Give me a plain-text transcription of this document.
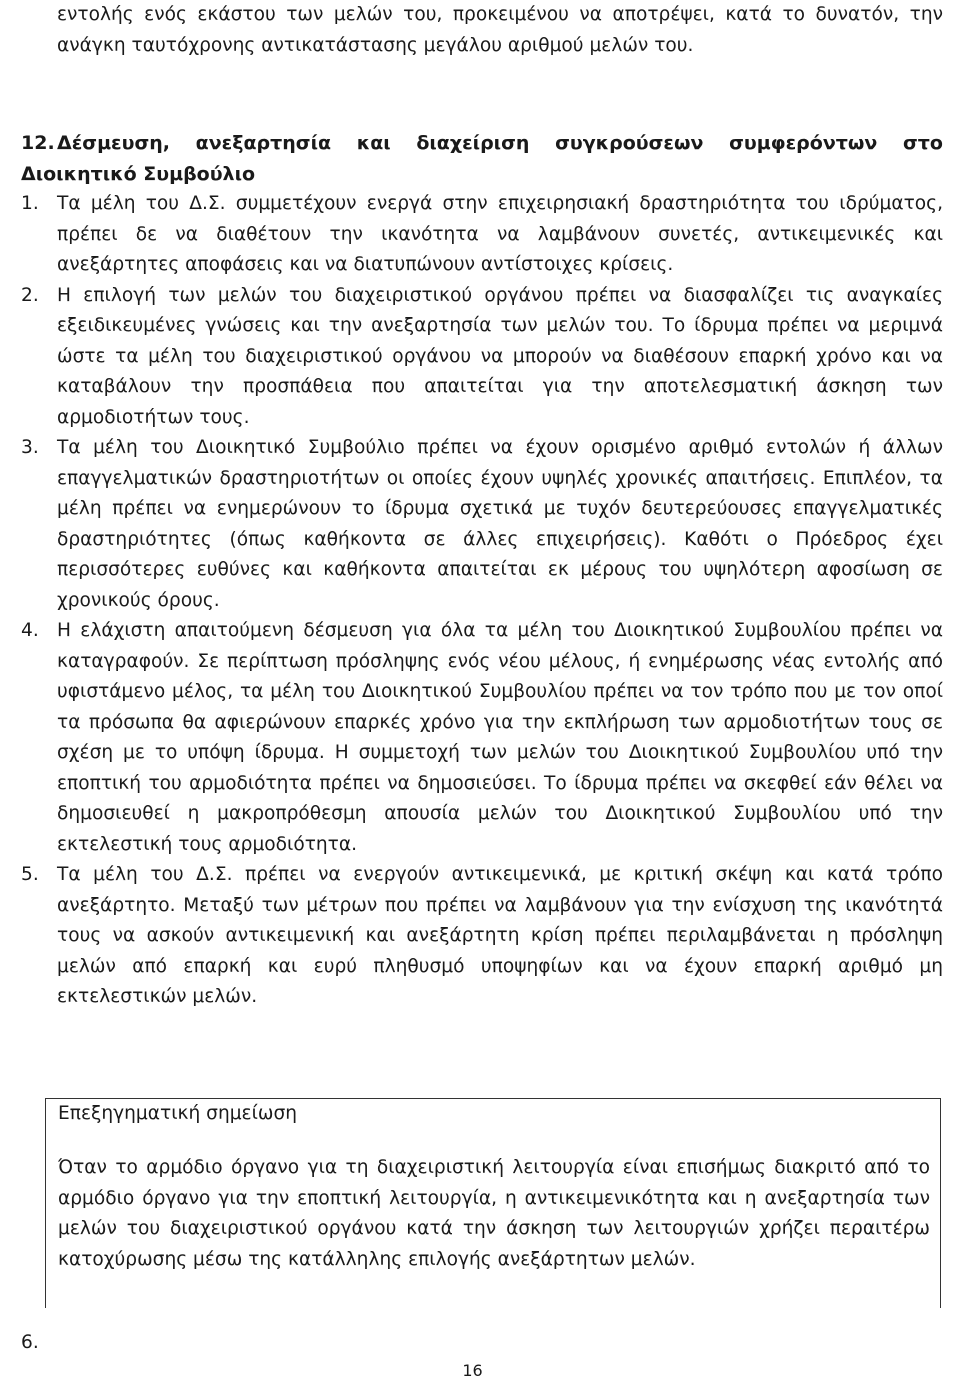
εντολής ενός εκάστου των μελών του, προκειμένου να αποτρέψει, κατά το δυνατόν, την ανάγκη ταυτόχρονης αντικατάστασης μεγάλου αριθμού μελών του.

12. Δέσμευση, ανεξαρτησία και διαχείριση συγκρούσεων συμφερόντων στο Διοικητικό Συμβούλιο
1. Τα μέλη του Δ.Σ. συμμετέχουν ενεργά στην επιχειρησιακή δραστηριότητα του ιδρύματος, πρέπει δε να διαθέτουν την ικανότητα να λαμβάνουν συνετές, αντικειμενικές και ανεξάρτητες αποφάσεις και να διατυπώνουν αντίστοιχες κρίσεις.
2. Η επιλογή των μελών του διαχειριστικού οργάνου πρέπει να διασφαλίζει τις αναγκαίες εξειδικευμένες γνώσεις και την ανεξαρτησία των μελών του. Το ίδρυμα πρέπει να μεριμνά ώστε τα μέλη του διαχειριστικού οργάνου να μπορούν να διαθέσουν επαρκή χρόνο και να καταβάλουν την προσπάθεια που απαιτείται για την αποτελεσματική άσκηση των αρμοδιοτήτων τους.
3. Τα μέλη του Διοικητικό Συμβούλιο πρέπει να έχουν ορισμένο αριθμό εντολών ή άλλων επαγγελματικών δραστηριοτήτων οι οποίες έχουν υψηλές χρονικές απαιτήσεις. Επιπλέον, τα μέλη πρέπει να ενημερώνουν το ίδρυμα σχετικά με τυχόν δευτερεύουσες επαγγελματικές δραστηριότητες (όπως καθήκοντα σε άλλες επιχειρήσεις). Καθότι ο Πρόεδρος έχει περισσότερες ευθύνες και καθήκοντα απαιτείται εκ μέρους του υψηλότερη αφοσίωση σε χρονικούς όρους.
4. Η ελάχιστη απαιτούμενη δέσμευση για όλα τα μέλη του Διοικητικού Συμβουλίου πρέπει να καταγραφούν. Σε περίπτωση πρόσληψης ενός νέου μέλους, ή ενημέρωσης νέας εντολής από υφιστάμενο μέλος, τα μέλη του Διοικητικού Συμβουλίου πρέπει να τον τρόπο που με τον οποί τα πρόσωπα θα αφιερώνουν επαρκές χρόνο για την εκπλήρωση των αρμοδιοτήτων τους σε σχέση με το υπόψη ίδρυμα. Η συμμετοχή των μελών του Διοικητικού Συμβουλίου υπό την εποπτική του αρμοδιότητα πρέπει να δημοσιεύσει. Το ίδρυμα πρέπει να σκεφθεί εάν θέλει να δημοσιευθεί η μακροπρόθεσμη απουσία μελών του Διοικητικού Συμβουλίου υπό την εκτελεστική τους αρμοδιότητα.
5. Τα μέλη του Δ.Σ. πρέπει να ενεργούν αντικειμενικά, με κριτική σκέψη και κατά τρόπο ανεξάρτητο. Μεταξύ των μέτρων που πρέπει να λαμβάνουν για την ενίσχυση της ικανότητά τους να ασκούν αντικειμενική και ανεξάρτητη κρίση πρέπει περιλαμβάνεται η πρόσληψη μελών από επαρκή και ευρύ πληθυσμό υποψηφίων και να έχουν επαρκή αριθμό μη εκτελεστικών μελών.
Επεξηγηματική σημείωση
Όταν το αρμόδιο όργανο για τη διαχειριστική λειτουργία είναι επισήμως διακριτό από το αρμόδιο όργανο για την εποπτική λειτουργία, η αντικειμενικότητα και η ανεξαρτησία των μελών του διαχειριστικού οργάνου κατά την άσκηση των λειτουργιών χρήζει περαιτέρω κατοχύρωσης μέσω της κατάλληλης επιλογής ανεξάρτητων μελών.
6.
16
